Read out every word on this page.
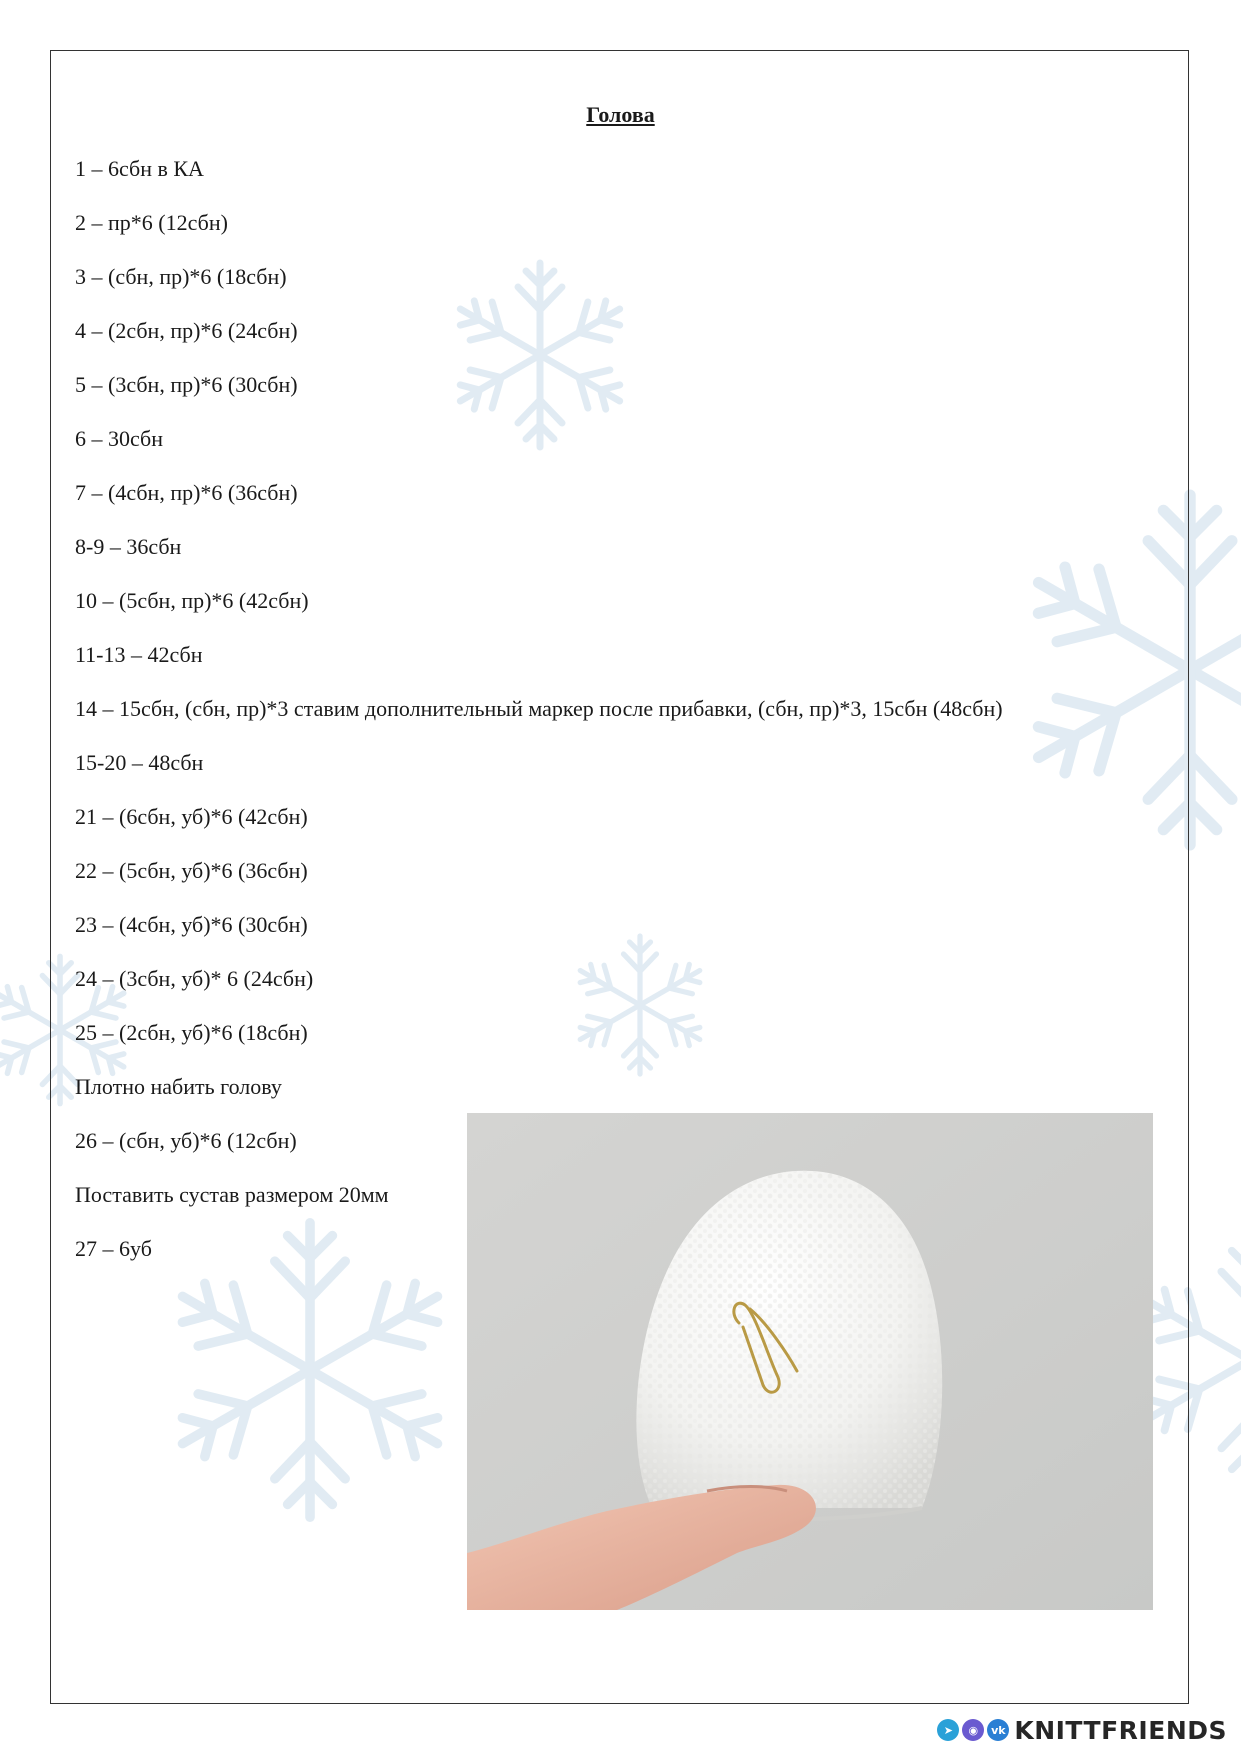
Голова
1 – 6сбн в КА
2 – пр*6 (12сбн)
3 – (сбн, пр)*6 (18сбн)
4 – (2сбн, пр)*6 (24сбн)
5 – (3сбн, пр)*6 (30сбн)
6 – 30сбн
7 – (4сбн, пр)*6 (36сбн)
8-9 – 36сбн
10 – (5сбн, пр)*6 (42сбн)
11-13 – 42сбн
14 – 15сбн, (сбн, пр)*3 ставим дополнительный маркер после прибавки, (сбн, пр)*3, 15сбн (48сбн)
15-20 – 48сбн
21 – (6сбн, уб)*6 (42сбн)
22 – (5сбн, уб)*6 (36сбн)
23 – (4сбн, уб)*6 (30сбн)
24 – (3сбн, уб)* 6 (24сбн)
25 – (2сбн, уб)*6 (18сбн)
Плотно набить голову
26 – (сбн, уб)*6 (12сбн)
Поставить сустав размером 20мм
27 – 6уб
➤	◉	vk KNITTFRIENDS
